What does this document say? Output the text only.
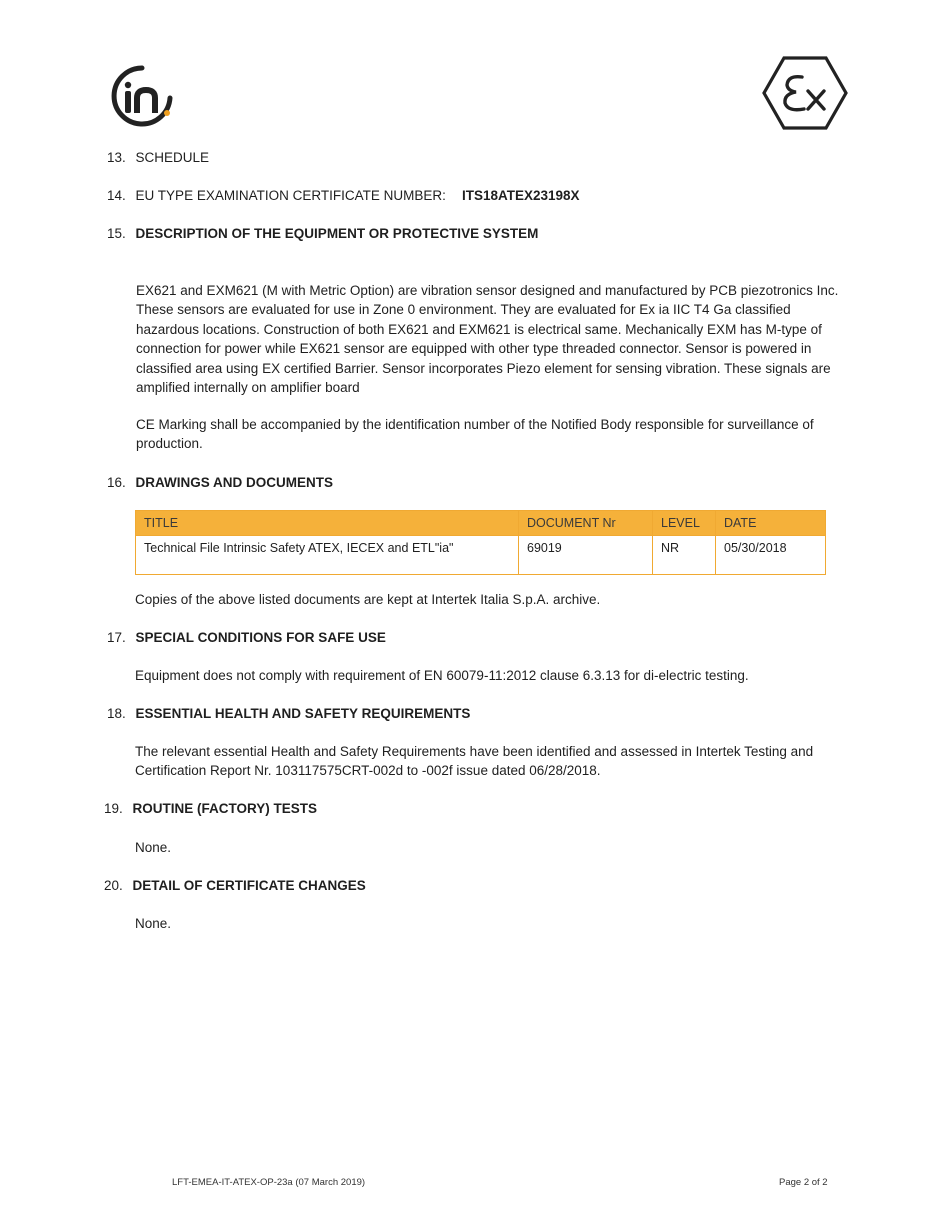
13. SCHEDULE
14. EU TYPE EXAMINATION CERTIFICATE NUMBER: ITS18ATEX23198X
15. DESCRIPTION OF THE EQUIPMENT OR PROTECTIVE SYSTEM
EX621 and EXM621 (M with Metric Option) are vibration sensor designed and manufactured by PCB piezotronics Inc. These sensors are evaluated for use in Zone 0 environment. They are evaluated for Ex ia IIC T4 Ga classified hazardous locations. Construction of both EX621 and EXM621 is electrical same. Mechanically EXM has M-type of connection for power while EX621 sensor are equipped with other type threaded connector. Sensor is powered in classified area using EX certified Barrier. Sensor incorporates Piezo element for sensing vibration. These signals are amplified internally on amplifier board
CE Marking shall be accompanied by the identification number of the Notified Body responsible for surveillance of production.
16. DRAWINGS AND DOCUMENTS
TITLE	DOCUMENT Nr	LEVEL	DATE
Technical File Intrinsic Safety ATEX, IECEX and ETL"ia"	69019	NR	05/30/2018
Copies of the above listed documents are kept at Intertek Italia S.p.A. archive.
17. SPECIAL CONDITIONS FOR SAFE USE
Equipment does not comply with requirement of EN 60079-11:2012 clause 6.3.13 for di-electric testing.
18. ESSENTIAL HEALTH AND SAFETY REQUIREMENTS
The relevant essential Health and Safety Requirements have been identified and assessed in Intertek Testing and Certification Report Nr. 103117575CRT-002d to -002f issue dated 06/28/2018.
19. ROUTINE (FACTORY) TESTS
None.
20. DETAIL OF CERTIFICATE CHANGES
None.
LFT-EMEA-IT-ATEX-OP-23a (07 March 2019)	Page 2 of 2
